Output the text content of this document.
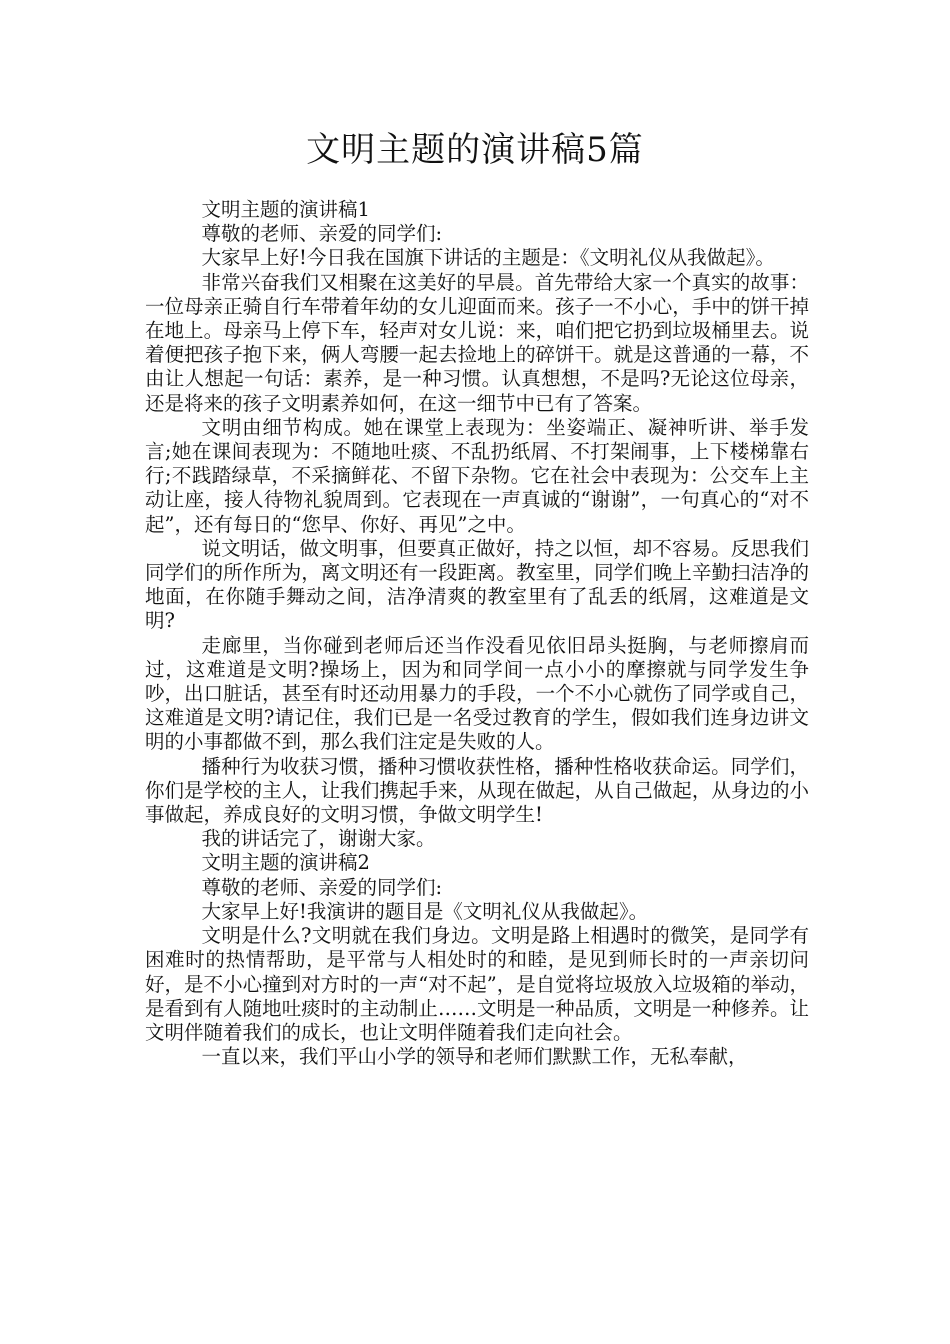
文明主题的演讲稿5篇

文明主题的演讲稿1

尊敬的老师、亲爱的同学们:

大家早上好!今日我在国旗下讲话的主题是：《文明礼仪从我做起》。

非常兴奋我们又相聚在这美好的早晨。首先带给大家一个真实的故事：一位母亲正骑自行车带着年幼的女儿迎面而来。孩子一不小心，手中的饼干掉在地上。母亲马上停下车，轻声对女儿说：来，咱们把它扔到垃圾桶里去。说着便把孩子抱下来，俩人弯腰一起去捡地上的碎饼干。就是这普通的一幕，不由让人想起一句话：素养，是一种习惯。认真想想，不是吗?无论这位母亲，还是将来的孩子文明素养如何，在这一细节中已有了答案。

文明由细节构成。她在课堂上表现为：坐姿端正、凝神听讲、举手发言;她在课间表现为：不随地吐痰、不乱扔纸屑、不打架闹事，上下楼梯靠右行;不践踏绿草，不采摘鲜花、不留下杂物。它在社会中表现为：公交车上主动让座，接人待物礼貌周到。它表现在一声真诚的“谢谢”，一句真心的“对不起”，还有每日的“您早、你好、再见”之中。

说文明话，做文明事，但要真正做好，持之以恒，却不容易。反思我们同学们的所作所为，离文明还有一段距离。教室里，同学们晚上辛勤扫洁净的地面，在你随手舞动之间，洁净清爽的教室里有了乱丢的纸屑，这难道是文明?

走廊里，当你碰到老师后还当作没看见依旧昂头挺胸，与老师擦肩而过，这难道是文明?操场上，因为和同学间一点小小的摩擦就与同学发生争吵，出口脏话，甚至有时还动用暴力的手段，一个不小心就伤了同学或自己，这难道是文明?请记住，我们已是一名受过教育的学生，假如我们连身边讲文明的小事都做不到，那么我们注定是失败的人。

播种行为收获习惯，播种习惯收获性格，播种性格收获命运。同学们，你们是学校的主人，让我们携起手来，从现在做起，从自己做起，从身边的小事做起，养成良好的文明习惯，争做文明学生!

我的讲话完了，谢谢大家。

文明主题的演讲稿2

尊敬的老师、亲爱的同学们:

大家早上好!我演讲的题目是《文明礼仪从我做起》。

文明是什么?文明就在我们身边。文明是路上相遇时的微笑，是同学有困难时的热情帮助，是平常与人相处时的和睦，是见到师长时的一声亲切问好，是不小心撞到对方时的一声“对不起”，是自觉将垃圾放入垃圾箱的举动，是看到有人随地吐痰时的主动制止……文明是一种品质，文明是一种修养。让文明伴随着我们的成长，也让文明伴随着我们走向社会。

一直以来，我们平山小学的领导和老师们默默工作，无私奉献，
